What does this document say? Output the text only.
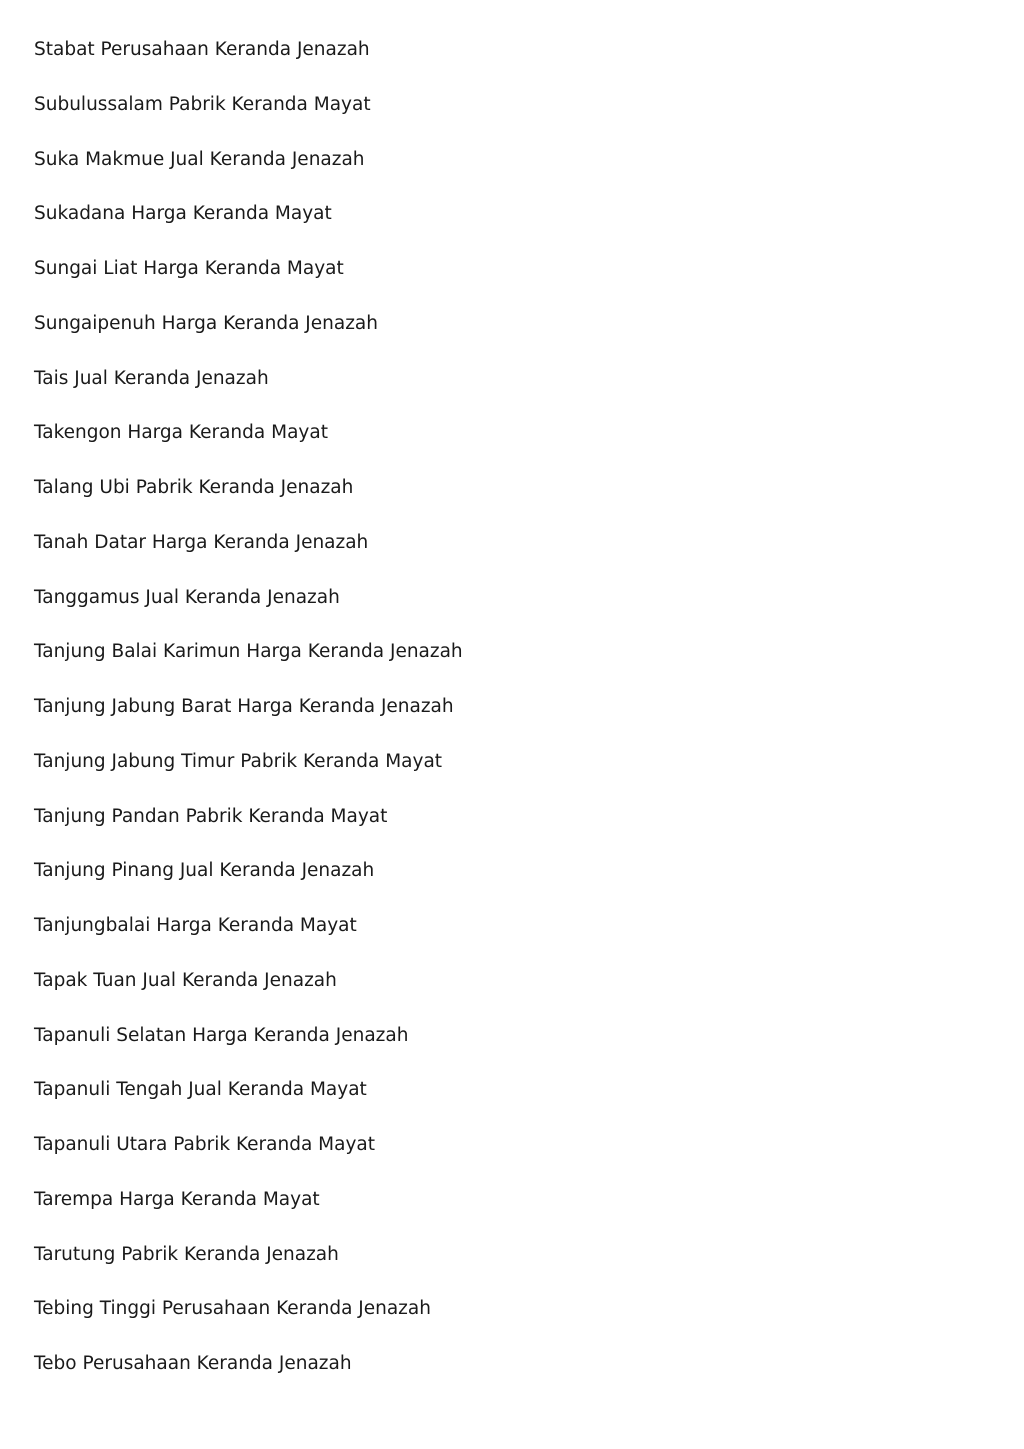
Stabat Perusahaan Keranda Jenazah
Subulussalam Pabrik Keranda Mayat
Suka Makmue Jual Keranda Jenazah
Sukadana Harga Keranda Mayat
Sungai Liat Harga Keranda Mayat
Sungaipenuh Harga Keranda Jenazah
Tais Jual Keranda Jenazah
Takengon Harga Keranda Mayat
Talang Ubi Pabrik Keranda Jenazah
Tanah Datar Harga Keranda Jenazah
Tanggamus Jual Keranda Jenazah
Tanjung Balai Karimun Harga Keranda Jenazah
Tanjung Jabung Barat Harga Keranda Jenazah
Tanjung Jabung Timur Pabrik Keranda Mayat
Tanjung Pandan Pabrik Keranda Mayat
Tanjung Pinang Jual Keranda Jenazah
Tanjungbalai Harga Keranda Mayat
Tapak Tuan Jual Keranda Jenazah
Tapanuli Selatan Harga Keranda Jenazah
Tapanuli Tengah Jual Keranda Mayat
Tapanuli Utara Pabrik Keranda Mayat
Tarempa Harga Keranda Mayat
Tarutung Pabrik Keranda Jenazah
Tebing Tinggi Perusahaan Keranda Jenazah
Tebo Perusahaan Keranda Jenazah
